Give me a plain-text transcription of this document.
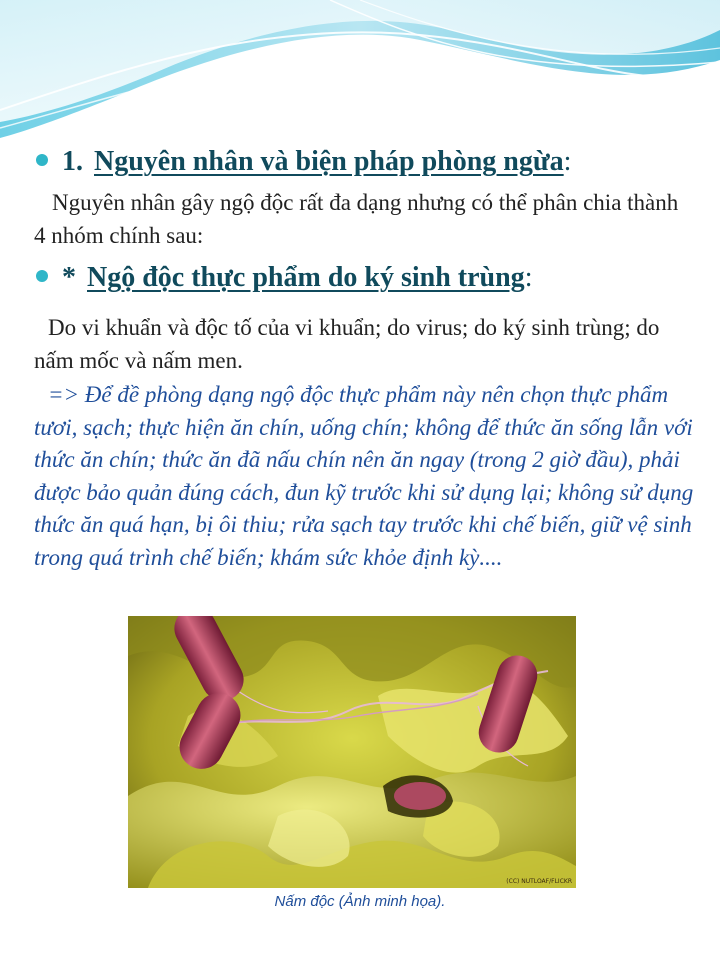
1. Nguyên nhân và biện pháp phòng ngừa:

Nguyên nhân gây ngộ độc rất đa dạng nhưng có thể phân chia thành 4 nhóm chính sau:

* Ngộ độc thực phẩm do ký sinh trùng:

Do vi khuẩn và độc tố của vi khuẩn; do virus; do ký sinh trùng; do nấm mốc và nấm men.

=> Để đề phòng dạng ngộ độc thực phẩm này nên chọn thực phẩm tươi, sạch; thực hiện ăn chín, uống chín; không để thức ăn sống lẫn với thức ăn chín; thức ăn đã nấu chín nên ăn ngay (trong 2 giờ đầu), phải được bảo quản đúng cách, đun kỹ trước khi sử dụng lại; không sử dụng thức ăn quá hạn, bị ôi thiu; rửa sạch tay trước khi chế biến, giữ vệ sinh trong quá trình chế biến; khám sức khỏe định kỳ....

(CC) NUTLOAF/FLICKR
Nấm độc (Ảnh minh họa).
